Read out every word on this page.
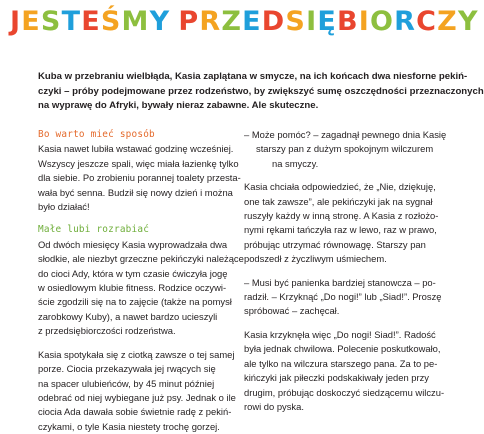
JESTEŚMY PRZEDSIĘBIORCZY
Kuba w przebraniu wielbłąda, Kasia zaplątana w smycze, na ich końcach dwa niesforne pekiń-
czyki – próby podejmowane przez rodzeństwo, by zwiększyć sumę oszczędności przeznaczonych
na wyprawę do Afryki, bywały nieraz zabawne. Ale skuteczne.
Bo warto mieć sposób
Kasia nawet lubiła wstawać godzinę wcześniej.
Wszyscy jeszcze spali, więc miała łazienkę tylko
dla siebie. Po zrobieniu porannej toalety przesta-
wała być senna. Budził się nowy dzień i można
było działać!
Małe lubi rozrabiać
Od dwóch miesięcy Kasia wyprowadzała dwa
słodkie, ale niezbyt grzeczne pekińczyki należące
do cioci Ady, która w tym czasie ćwiczyła jogę
w osiedlowym klubie fitness. Rodzice oczywi-
ście zgodzili się na to zajęcie (także na pomysł
zarobkowy Kuby), a nawet bardzo ucieszyli
z przedsiębiorczości rodzeństwa.
Kasia spotykała się z ciotką zawsze o tej samej
porze. Ciocia przekazywała jej rwących się
na spacer ulubieńców, by 45 minut później
odebrać od niej wybiegane już psy. Jednak o ile
ciocia Ada dawała sobie świetnie radę z pekiń-
czykami, o tyle Kasia niestety trochę gorzej.
– Może pomóc? – zagadnął pewnego dnia Kasię
starszy pan z dużym spokojnym wilczurem
na smyczy.
Kasia chciała odpowiedzieć, że „Nie, dziękuję,
one tak zawsze”, ale pekińczyki jak na sygnał
ruszyły każdy w inną stronę. A Kasia z rozłożo-
nymi rękami tańczyła raz w lewo, raz w prawo,
próbując utrzymać równowagę. Starszy pan
podszedł z życzliwym uśmiechem.
– Musi być panienka bardziej stanowcza – po-
radził. – Krzyknąć „Do nogi!” lub „Siad!”. Proszę
spróbować – zachęcał.
Kasia krzyknęła więc „Do nogi! Siad!”. Radość
była jednak chwilowa. Polecenie poskutkowało,
ale tylko na wilczura starszego pana. Za to pe-
kińczyki jak piłeczki podskakiwały jeden przy
drugim, próbując doskoczyć siedzącemu wilczu-
rowi do pyska.
